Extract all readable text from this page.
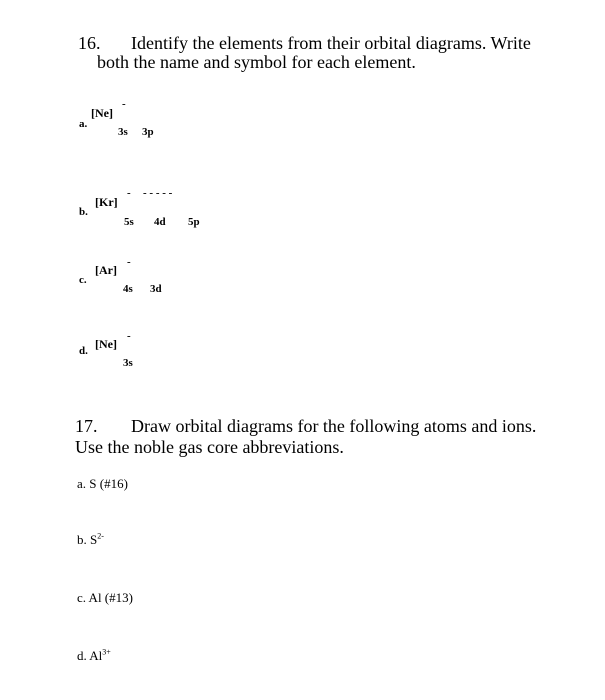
16. Identify the elements from their orbital diagrams. Write
both the name and symbol for each element.
a.
[Ne]
-
3s 3p
b.
[Kr]
- - - - - -
5s 4d 5p
c.
[Ar]
-
4s 3d
d. [Ne]
-
3s
17. Draw orbital diagrams for the following atoms and ions.
Use the noble gas core abbreviations.
a. S (#16)
b. $S^{2-}$
c. Al (#13)
d. $Al^{3+}$
